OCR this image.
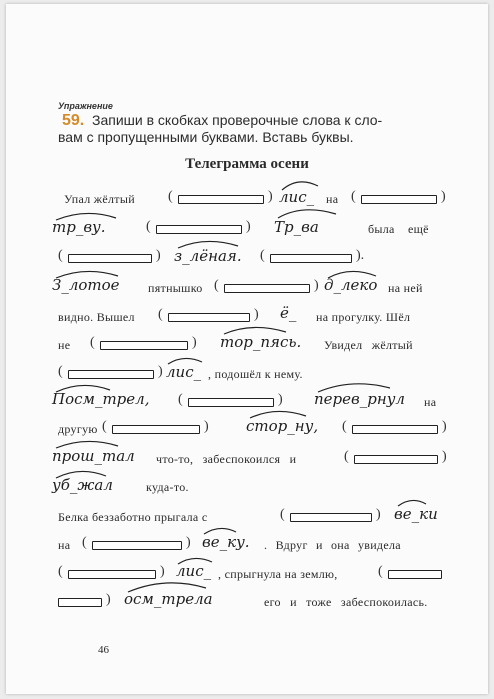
Упражнение
59. Запиши в скобках проверочные слова к сло-
вам с пропущенными буквами. Вставь буквы.
Телеграмма осени
Упал жёлтый (	) лис_ на (	)
тр_ву.	(	) Тр_ва	была ещё
(	) з_лёная. (	).
З_лотое пятнышко (	) д_леко на ней
видно. Вышел (	) ё_ на прогулку. Шёл
не (	) тор_пясь. Увидел жёлтый
(	) лис_ , подошёл к нему.
Посм_трел, (	) перев_рнул на
другую (	) стор_ну, (	)
прош_тал что-то, забеспокоился и	(	)
уб_жал	куда-то.
Белка беззаботно прыгала с	(	) ве_ки
на (	) ве_ку. . Вдруг и она увидела
(	) лис_ , спрыгнула на землю,	(
) осм_трела	его и тоже забеспокоилась.
46
